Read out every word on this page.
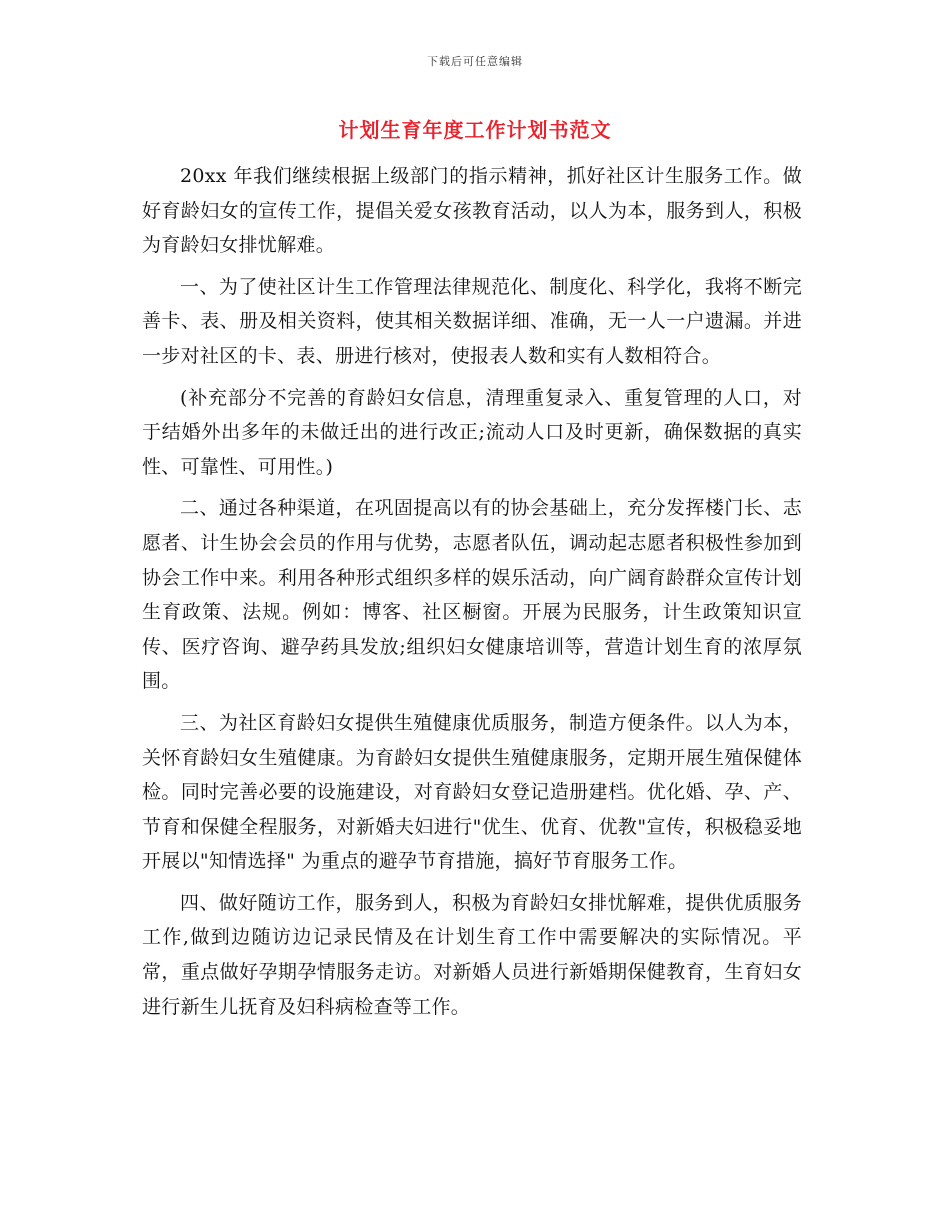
下载后可任意编辑
计划生育年度工作计划书范文

20xx 年我们继续根据上级部门的指示精神，抓好社区计生服务工作。做好育龄妇女的宣传工作，提倡关爱女孩教育活动，以人为本，服务到人，积极为育龄妇女排忧解难。

一、为了使社区计生工作管理法律规范化、制度化、科学化，我将不断完善卡、表、册及相关资料，使其相关数据详细、准确，无一人一户遗漏。并进一步对社区的卡、表、册进行核对，使报表人数和实有人数相符合。

(补充部分不完善的育龄妇女信息，清理重复录入、重复管理的人口，对于结婚外出多年的未做迁出的进行改正;流动人口及时更新，确保数据的真实性、可靠性、可用性。)

二、通过各种渠道，在巩固提高以有的协会基础上，充分发挥楼门长、志愿者、计生协会会员的作用与优势，志愿者队伍，调动起志愿者积极性参加到协会工作中来。利用各种形式组织多样的娱乐活动，向广阔育龄群众宣传计划生育政策、法规。例如：博客、社区橱窗。开展为民服务，计生政策知识宣传、医疗咨询、避孕药具发放;组织妇女健康培训等，营造计划生育的浓厚氛围。

三、为社区育龄妇女提供生殖健康优质服务，制造方便条件。以人为本，关怀育龄妇女生殖健康。为育龄妇女提供生殖健康服务，定期开展生殖保健体检。同时完善必要的设施建设，对育龄妇女登记造册建档。优化婚、孕、产、节育和保健全程服务，对新婚夫妇进行"优生、优育、优教"宣传，积极稳妥地开展以"知情选择" 为重点的避孕节育措施，搞好节育服务工作。

四、做好随访工作，服务到人，积极为育龄妇女排忧解难，提供优质服务工作,做到边随访边记录民情及在计划生育工作中需要解决的实际情况。平常，重点做好孕期孕情服务走访。对新婚人员进行新婚期保健教育，生育妇女进行新生儿抚育及妇科病检查等工作。
